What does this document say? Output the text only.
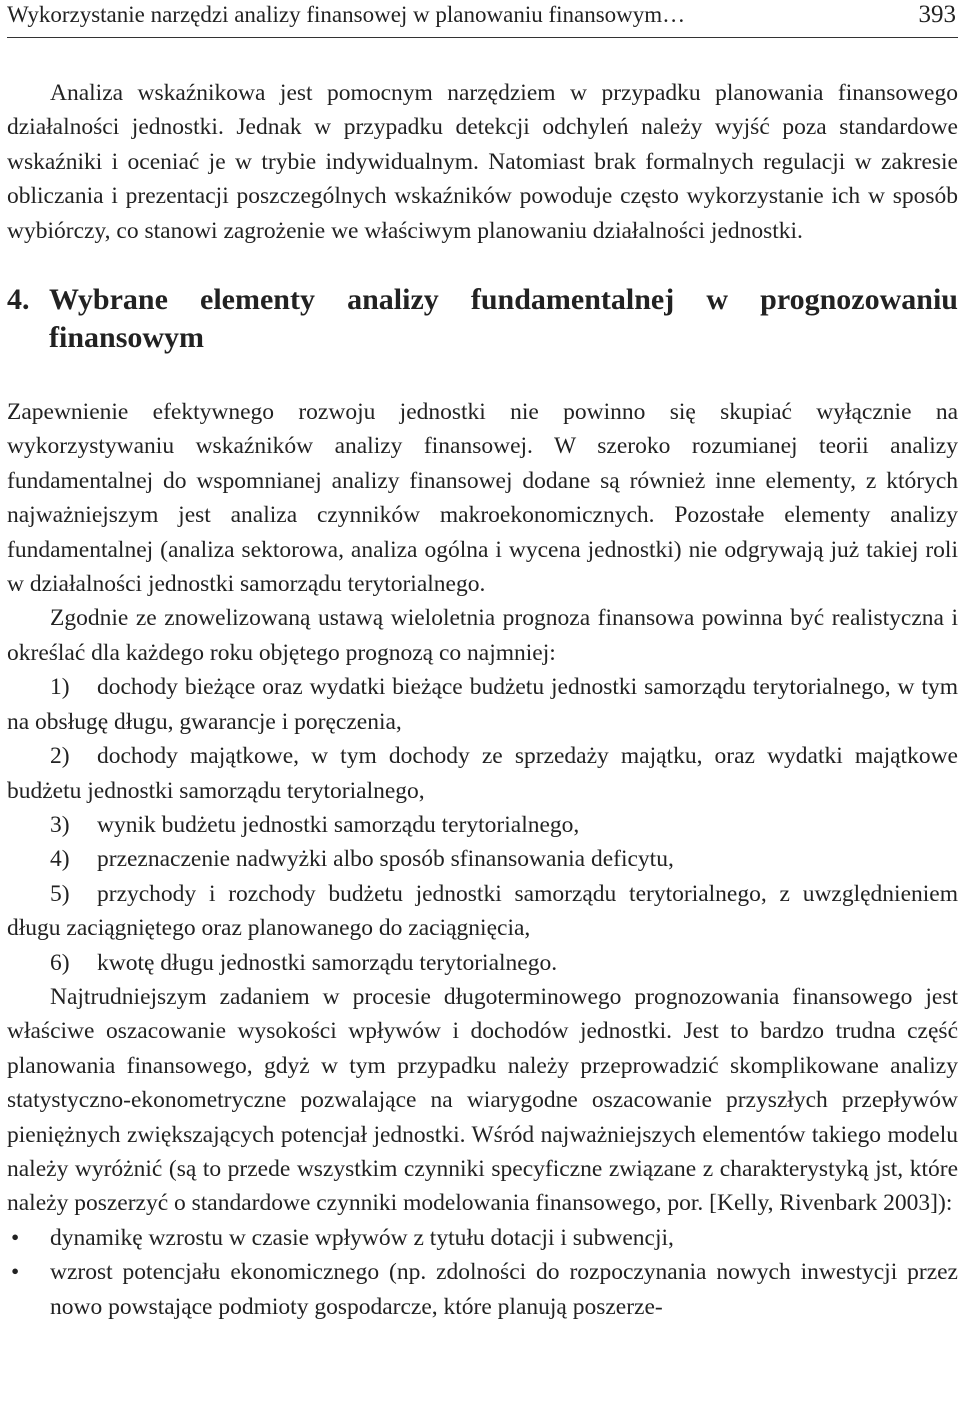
Wykorzystanie narzędzi analizy finansowej w planowaniu finansowym…	393

Analiza wskaźnikowa jest pomocnym narzędziem w przypadku planowania finansowego działalności jednostki. Jednak w przypadku detekcji odchyleń należy wyjść poza standardowe wskaźniki i oceniać je w trybie indywidualnym. Natomiast brak formalnych regulacji w zakresie obliczania i prezentacji poszczególnych wskaźników powoduje często wykorzystanie ich w sposób wybiórczy, co stanowi zagrożenie we właściwym planowaniu działalności jednostki.

4. Wybrane elementy analizy fundamentalnej w prognozowaniu finansowym

Zapewnienie efektywnego rozwoju jednostki nie powinno się skupiać wyłącznie na wykorzystywaniu wskaźników analizy finansowej. W szeroko rozumianej teorii analizy fundamentalnej do wspomnianej analizy finansowej dodane są również inne elementy, z których najważniejszym jest analiza czynników makroekonomicznych. Pozostałe elementy analizy fundamentalnej (analiza sektorowa, analiza ogólna i wycena jednostki) nie odgrywają już takiej roli w działalności jednostki samorządu terytorialnego.

Zgodnie ze znowelizowaną ustawą wieloletnia prognoza finansowa powinna być realistyczna i określać dla każdego roku objętego prognozą co najmniej:

1) dochody bieżące oraz wydatki bieżące budżetu jednostki samorządu terytorialnego, w tym na obsługę długu, gwarancje i poręczenia,

2) dochody majątkowe, w tym dochody ze sprzedaży majątku, oraz wydatki majątkowe budżetu jednostki samorządu terytorialnego,

3) wynik budżetu jednostki samorządu terytorialnego,

4) przeznaczenie nadwyżki albo sposób sfinansowania deficytu,

5) przychody i rozchody budżetu jednostki samorządu terytorialnego, z uwzględnieniem długu zaciągniętego oraz planowanego do zaciągnięcia,

6) kwotę długu jednostki samorządu terytorialnego.

Najtrudniejszym zadaniem w procesie długoterminowego prognozowania finansowego jest właściwe oszacowanie wysokości wpływów i dochodów jednostki. Jest to bardzo trudna część planowania finansowego, gdyż w tym przypadku należy przeprowadzić skomplikowane analizy statystyczno-ekonometryczne pozwalające na wiarygodne oszacowanie przyszłych przepływów pieniężnych zwiększających potencjał jednostki. Wśród najważniejszych elementów takiego modelu należy wyróżnić (są to przede wszystkim czynniki specyficzne związane z charakterystyką jst, które należy poszerzyć o standardowe czynniki modelowania finansowego, por. [Kelly, Rivenbark 2003]):

• dynamikę wzrostu w czasie wpływów z tytułu dotacji i subwencji,
• wzrost potencjału ekonomicznego (np. zdolności do rozpoczynania nowych inwestycji przez nowo powstające podmioty gospodarcze, które planują poszerze-
